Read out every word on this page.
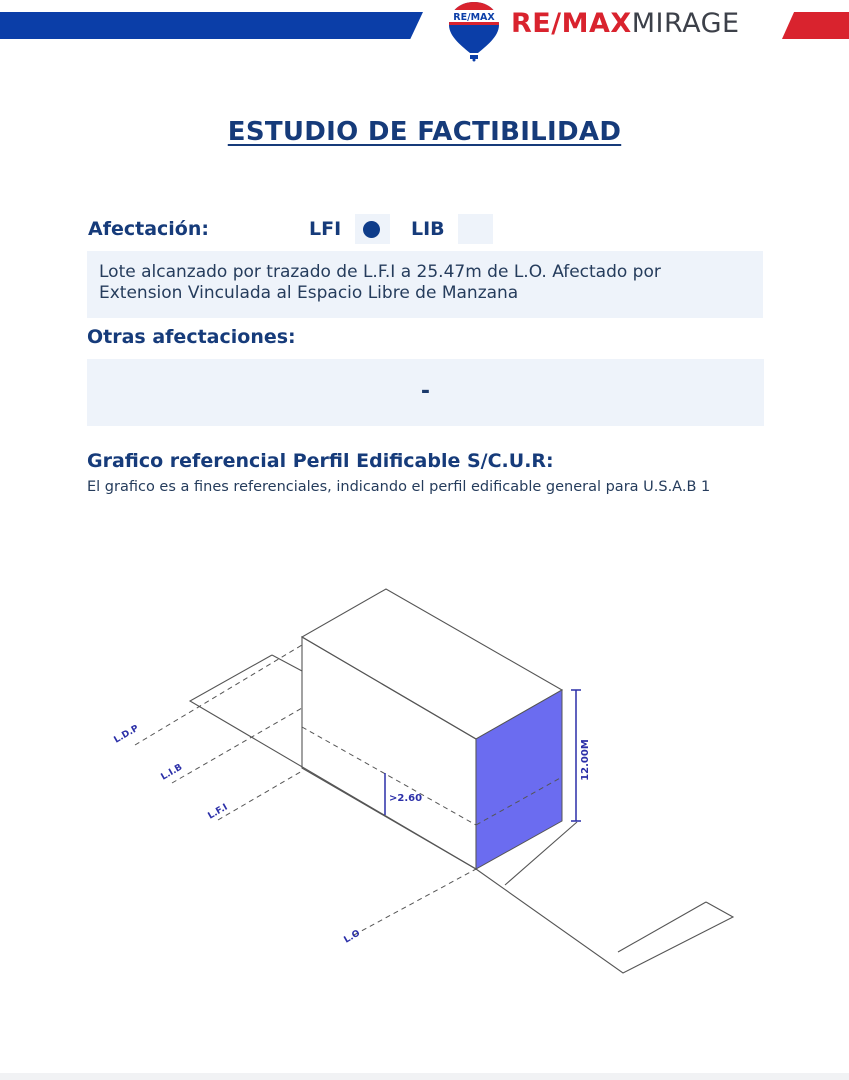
RE/MAX RE/MAXMIRAGE
ESTUDIO DE FACTIBILIDAD
Afectación:	LFI	LIB
Lote alcanzado por trazado de L.F.I a 25.47m de L.O. Afectado por
Extension Vinculada al Espacio Libre de Manzana
Otras afectaciones:
-
Grafico referencial Perfil Edificable S/C.U.R:
El grafico es a fines referenciales, indicando el perfil edificable general para U.S.A.B 1
12.00M
>2.60
L.D.P
L.I.B
L.F.I
L.O
